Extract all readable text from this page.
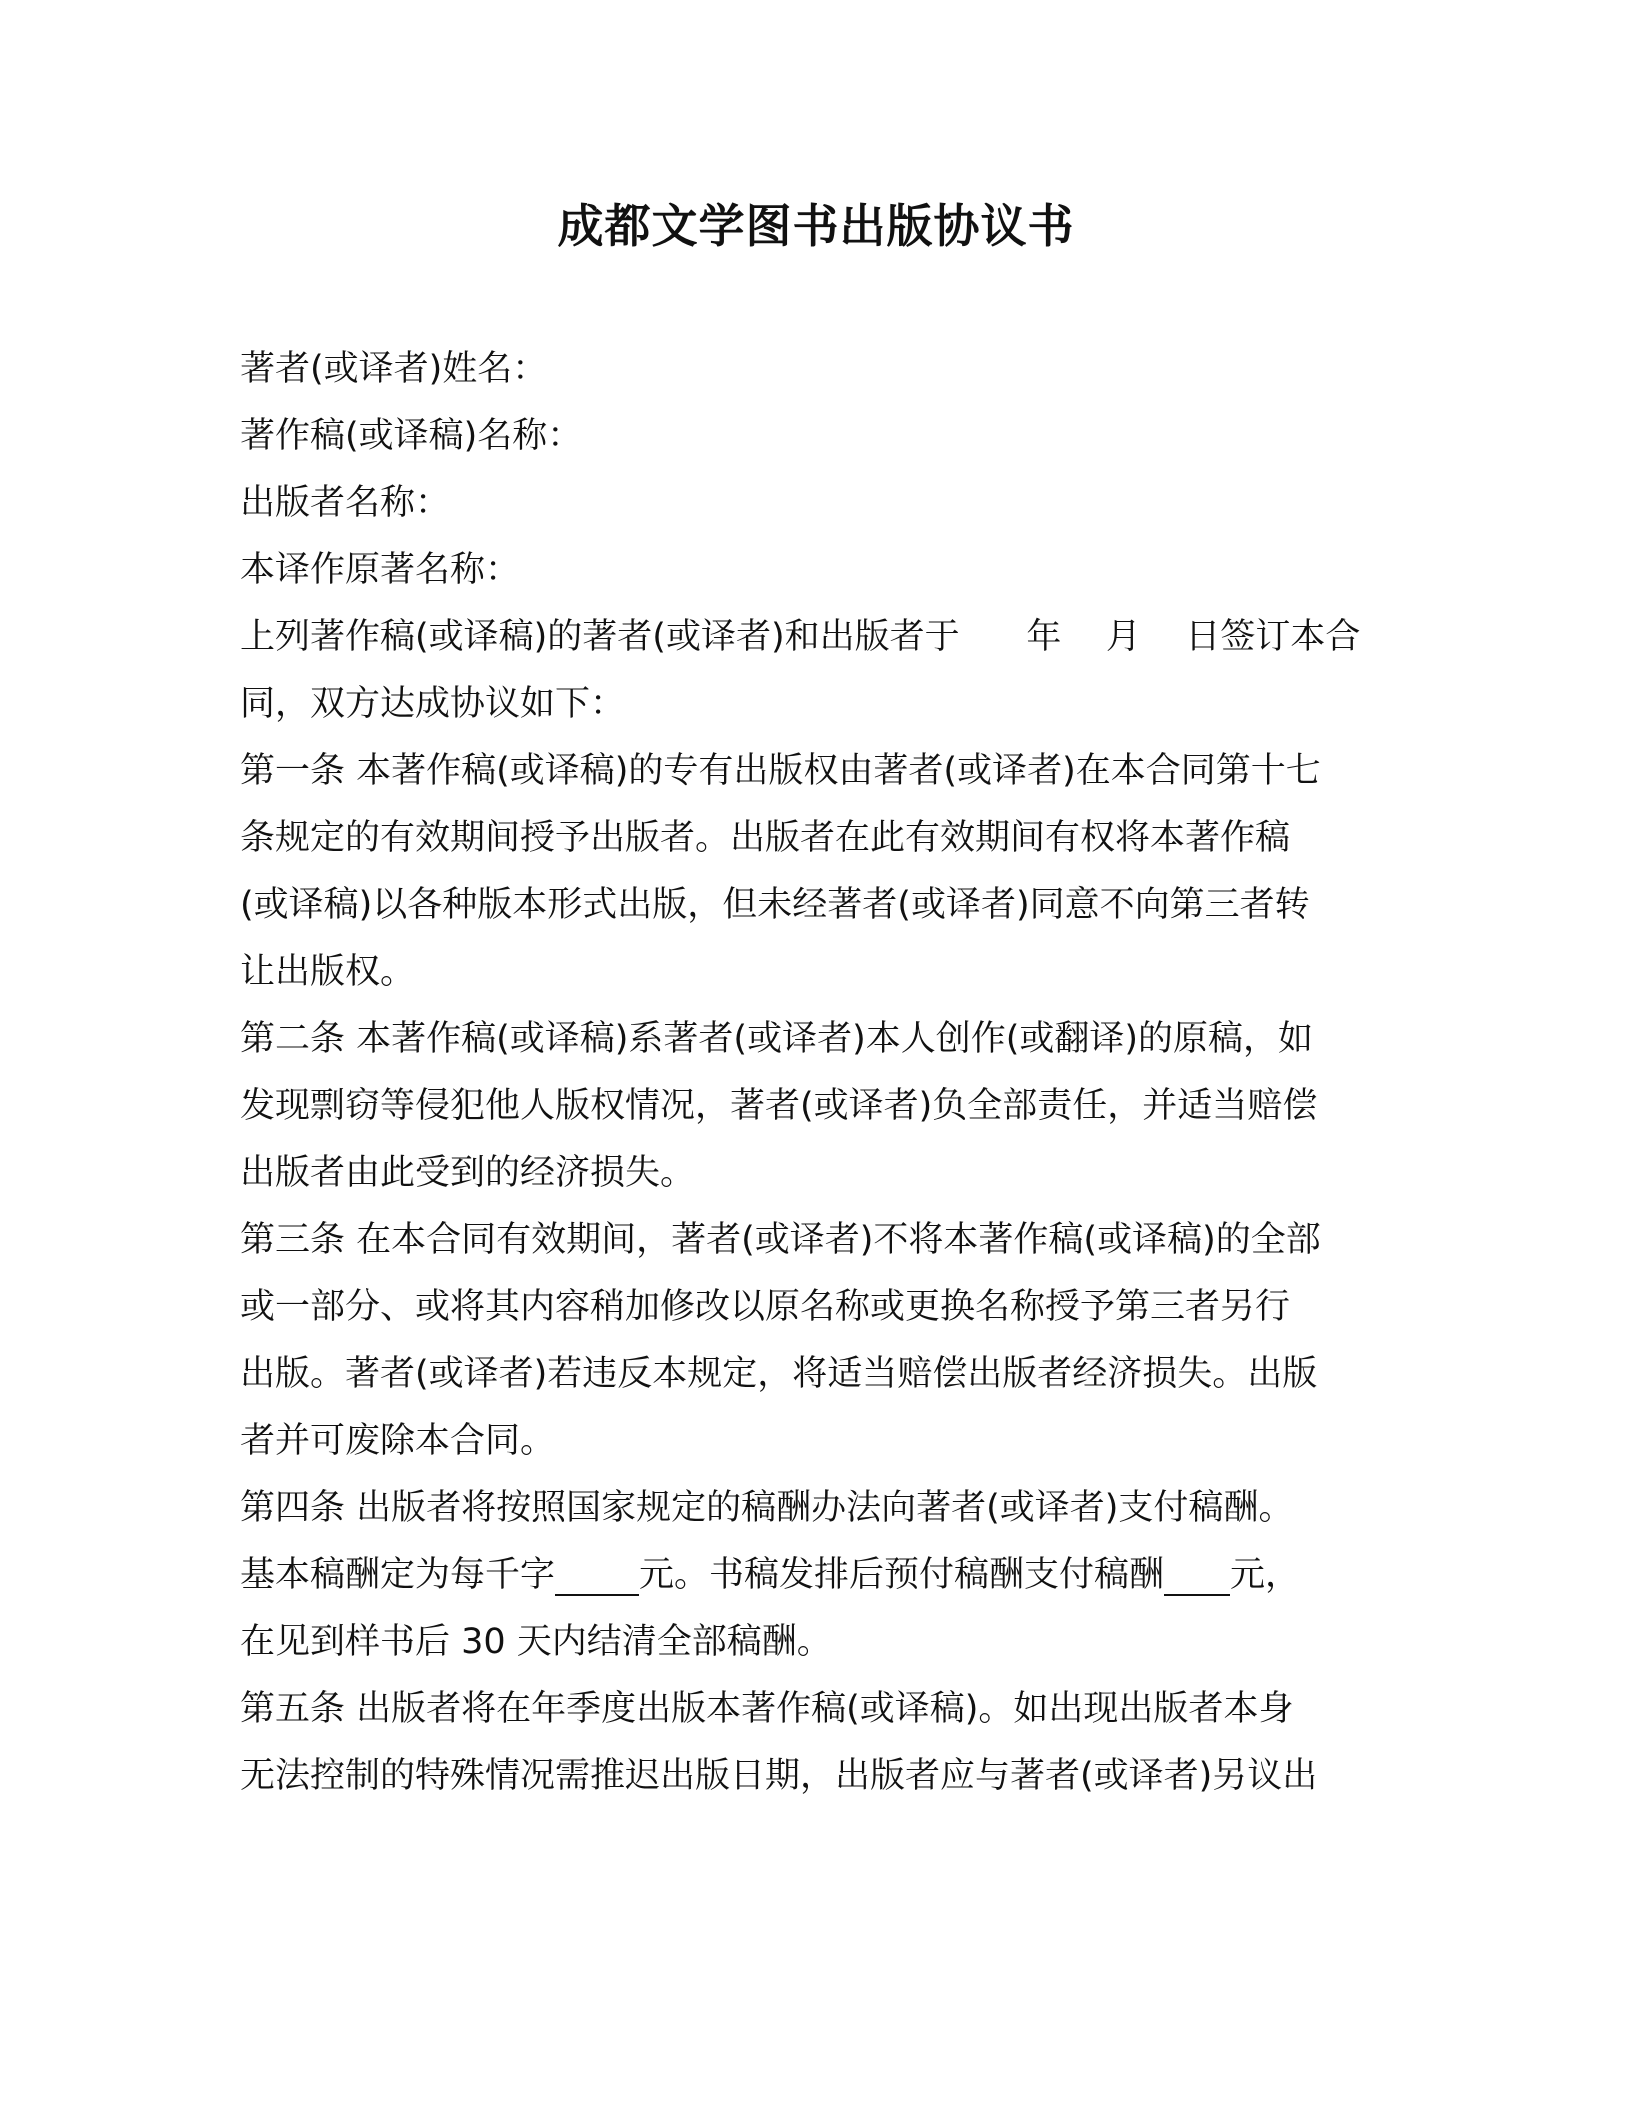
成都文学图书出版协议书
著者(或译者)姓名：
著作稿(或译稿)名称：
出版者名称：
本译作原著名称：
上列著作稿(或译稿)的著者(或译者)和出版者于      年    月    日签订本合
同，双方达成协议如下：
第一条 本著作稿(或译稿)的专有出版权由著者(或译者)在本合同第十七
条规定的有效期间授予出版者。出版者在此有效期间有权将本著作稿
(或译稿)以各种版本形式出版，但未经著者(或译者)同意不向第三者转
让出版权。
第二条 本著作稿(或译稿)系著者(或译者)本人创作(或翻译)的原稿，如
发现剽窃等侵犯他人版权情况，著者(或译者)负全部责任，并适当赔偿
出版者由此受到的经济损失。
第三条 在本合同有效期间，著者(或译者)不将本著作稿(或译稿)的全部
或一部分、或将其内容稍加修改以原名称或更换名称授予第三者另行
出版。著者(或译者)若违反本规定，将适当赔偿出版者经济损失。出版
者并可废除本合同。
第四条 出版者将按照国家规定的稿酬办法向著者(或译者)支付稿酬。
基本稿酬定为每千字 元。书稿发排后预付稿酬支付稿酬 元，
在见到样书后 30 天内结清全部稿酬。
第五条 出版者将在年季度出版本著作稿(或译稿)。如出现出版者本身
无法控制的特殊情况需推迟出版日期，出版者应与著者(或译者)另议出
